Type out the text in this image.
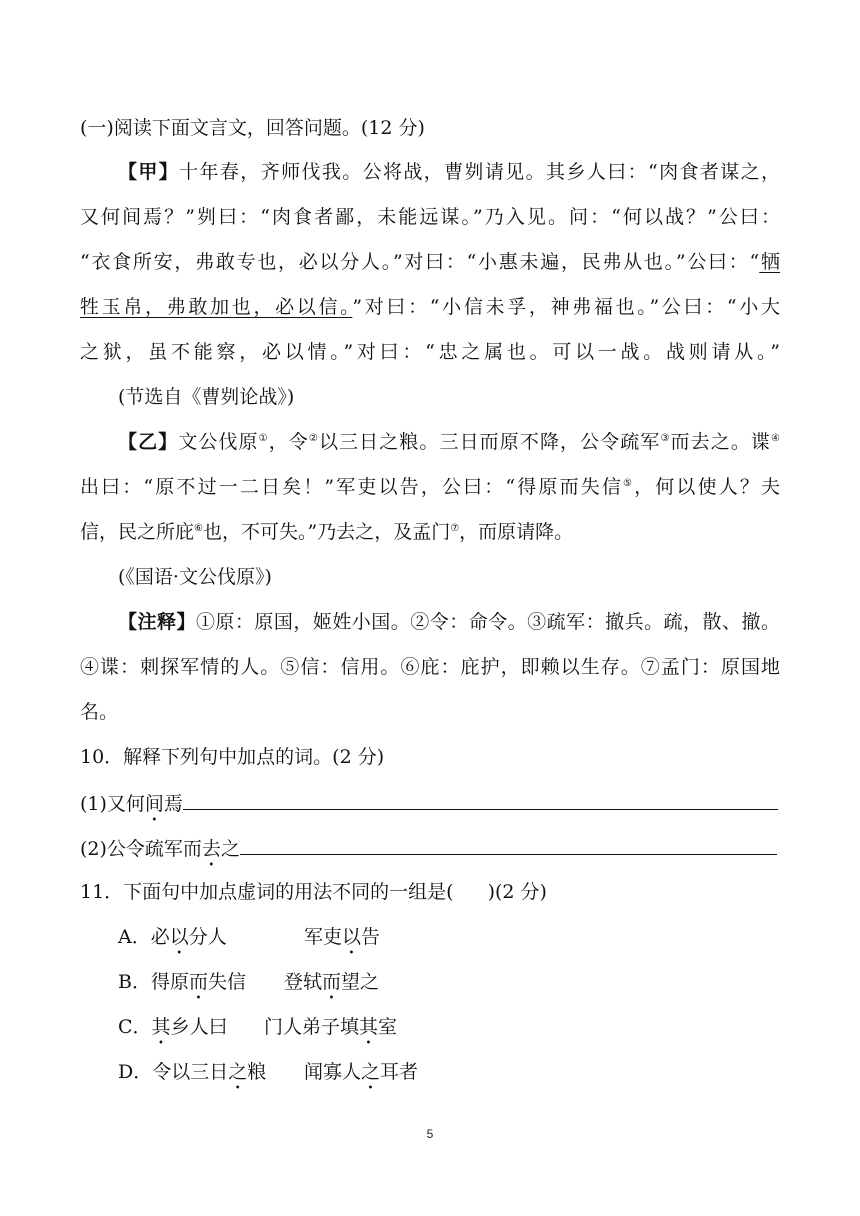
(一)阅读下面文言文，回答问题。(12 分)
【甲】十年春，齐师伐我。公将战，曹刿请见。其乡人曰：“肉食者谋之，
又何间焉？”刿曰：“肉食者鄙，未能远谋。”乃入见。问：“何以战？”公曰：
“衣食所安，弗敢专也，必以分人。”对曰：“小惠未遍，民弗从也。”公曰：“牺
牲玉帛，弗敢加也，必以信。”对曰：“小信未孚，神弗福也。”公曰：“小大
之狱，虽不能察，必以情。”对曰：“忠之属也。可以一战。战则请从。”
(节选自《曹刿论战》)
【乙】文公伐原①，令②以三日之粮。三日而原不降，公令疏军③而去之。谍④
出曰：“原不过一二日矣！”军吏以告，公曰：“得原而失信⑤，何以使人？夫
信，民之所庇⑥也，不可失。”乃去之，及孟门⑦，而原请降。
(《国语·文公伐原》)
【注释】①原：原国，姬姓小国。②令：命令。③疏军：撤兵。疏，散、撤。
④谍：刺探军情的人。⑤信：信用。⑥庇：庇护，即赖以生存。⑦孟门：原国地
名。
10．解释下列句中加点的词。(2 分)
(1)又何间焉
(2)公令疏军而去之
11．下面句中加点虚词的用法不同的一组是( )(2 分)
A．必以分人	军吏以告
B．得原而失信 登轼而望之
C．其乡人曰 门人弟子填其室
D．令以三日之粮 闻寡人之耳者
5
